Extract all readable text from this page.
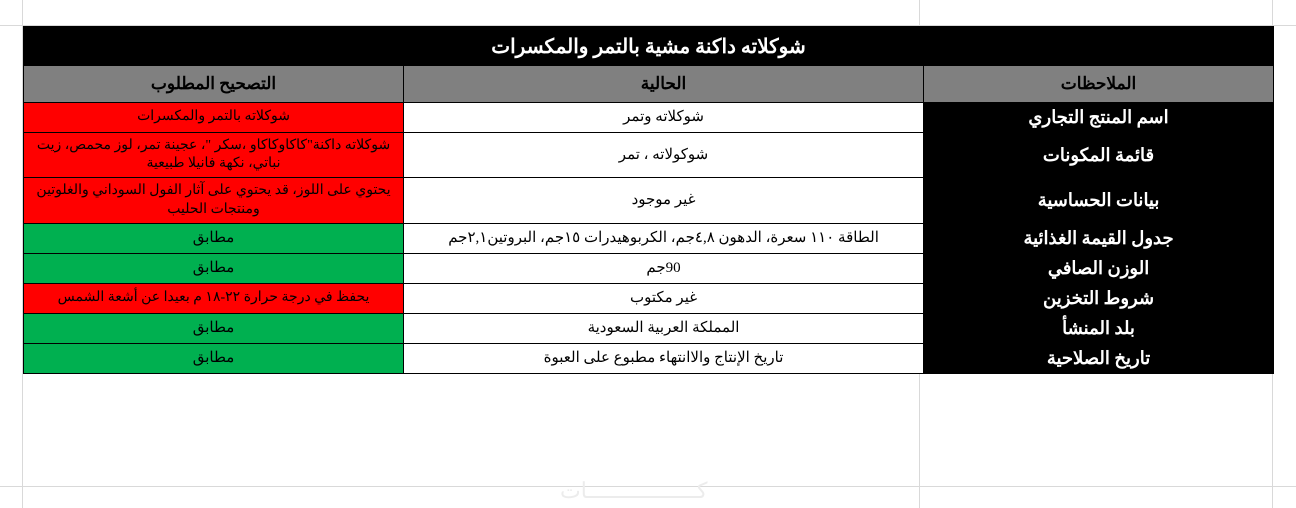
شوكلاته داكنة مشية بالتمر والمكسرات		
الملاحظات	الحالية	التصحيح المطلوب
اسم المنتج التجاري	شوكلاته وتمر	شوكلاته بالتمر والمكسرات
قائمة المكونات	شوكولاته ، تمر	شوكلاته داكنة"كاكاوكاكاو ،سكر "، عجينة تمر، لوز محمص، زيت نباتي، نكهة فانيلا طبيعية
بيانات الحساسية	غير موجود	يحتوي على اللوز، قد يحتوي على آثار الفول السوداني والغلوتين ومنتجات الحليب
جدول القيمة الغذائية	الطاقة ١١٠ سعرة، الدهون ٤,٨جم، الكربوهيدرات ١٥جم، البروتين٢,١جم	مطابق
الوزن الصافي	90جم	مطابق
شروط التخزين	غير مكتوب	يحفظ في درجة حرارة ٢٢-١٨ م بعيدا عن أشعة الشمس
بلد المنشأ	المملكة العربية السعودية	مطابق
تاريخ الصلاحية	تاريخ الإنتاج والاانتهاء مطبوع على العبوة	مطابق
كـــــــــــــــــات
